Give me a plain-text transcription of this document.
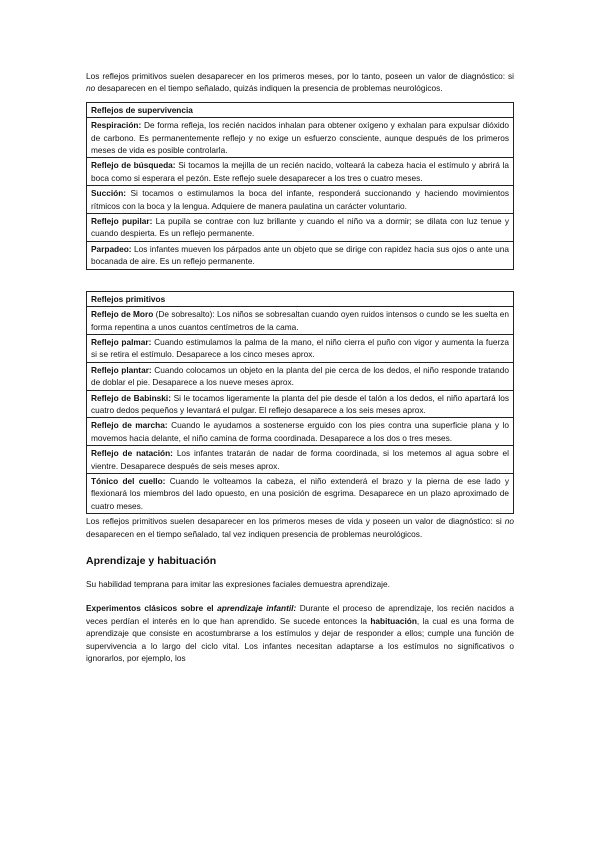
Los reflejos primitivos suelen desaparecer en los primeros meses, por lo tanto, poseen un valor de diagnóstico: si no desaparecen en el tiempo señalado, quizás indiquen la presencia de problemas neurológicos.

Reflejos de supervivencia
Respiración: De forma refleja, los recién nacidos inhalan para obtener oxígeno y exhalan para expulsar dióxido de carbono. Es permanentemente reflejo y no exige un esfuerzo consciente, aunque después de los primeros meses de vida es posible controlarla.
Reflejo de búsqueda: Si tocamos la mejilla de un recién nacido, volteará la cabeza hacia el estímulo y abrirá la boca como si esperara el pezón. Este reflejo suele desaparecer a los tres o cuatro meses.
Succión: Si tocamos o estimulamos la boca del infante, responderá succionando y haciendo movimientos rítmicos con la boca y la lengua. Adquiere de manera paulatina un carácter voluntario.
Reflejo pupilar: La pupila se contrae con luz brillante y cuando el niño va a dormir; se dilata con luz tenue y cuando despierta. Es un reflejo permanente.
Parpadeo: Los infantes mueven los párpados ante un objeto que se dirige con rapidez hacia sus ojos o ante una bocanada de aire. Es un reflejo permanente.
Reflejos primitivos
Reflejo de Moro (De sobresalto): Los niños se sobresaltan cuando oyen ruidos intensos o cundo se les suelta en forma repentina a unos cuantos centímetros de la cama.
Reflejo palmar: Cuando estimulamos la palma de la mano, el niño cierra el puño con vigor y aumenta la fuerza si se retira el estímulo. Desaparece a los cinco meses aprox.
Reflejo plantar: Cuando colocamos un objeto en la planta del pie cerca de los dedos, el niño responde tratando de doblar el pie. Desaparece a los nueve meses aprox.
Reflejo de Babinski: Si le tocamos ligeramente la planta del pie desde el talón a los dedos, el niño apartará los cuatro dedos pequeños y levantará el pulgar. El reflejo desaparece a los seis meses aprox.
Reflejo de marcha: Cuando le ayudamos a sostenerse erguido con los pies contra una superficie plana y lo movemos hacia delante, el niño camina de forma coordinada. Desaparece a los dos o tres meses.
Reflejo de natación: Los infantes tratarán de nadar de forma coordinada, si los metemos al agua sobre el vientre. Desaparece después de seis meses aprox.
Tónico del cuello: Cuando le volteamos la cabeza, el niño extenderá el brazo y la pierna de ese lado y flexionará los miembros del lado opuesto, en una posición de esgrima. Desaparece en un plazo aproximado de cuatro meses.

Los reflejos primitivos suelen desaparecer en los primeros meses de vida y poseen un valor de diagnóstico: si no desaparecen en el tiempo señalado, tal vez indiquen presencia de problemas neurológicos.

Aprendizaje y habituación

Su habilidad temprana para imitar las expresiones faciales demuestra aprendizaje.

Experimentos clásicos sobre el aprendizaje infantil: Durante el proceso de aprendizaje, los recién nacidos a veces perdían el interés en lo que han aprendido. Se sucede entonces la habituación, la cual es una forma de aprendizaje que consiste en acostumbrarse a los estímulos y dejar de responder a ellos; cumple una función de supervivencia a lo largo del ciclo vital. Los infantes necesitan adaptarse a los estímulos no significativos o ignorarlos, por ejemplo, los
